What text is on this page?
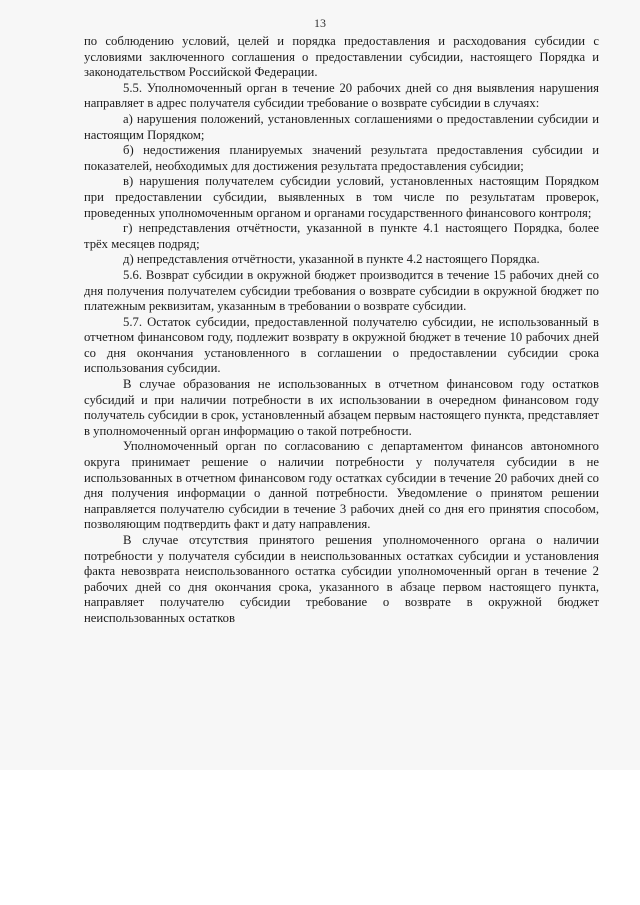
13

по соблюдению условий, целей и порядка предоставления и расходования субсидии с условиями заключенного соглашения о предоставлении субсидии, настоящего Порядка и законодательством Российской Федерации.

5.5. Уполномоченный орган в течение 20 рабочих дней со дня выявления нарушения направляет в адрес получателя субсидии требование о возврате субсидии в случаях:

а) нарушения положений, установленных соглашениями о предоставлении субсидии и настоящим Порядком;

б) недостижения планируемых значений результата предоставления субсидии и показателей, необходимых для достижения результата предоставления субсидии;

в) нарушения получателем субсидии условий, установленных настоящим Порядком при предоставлении субсидии, выявленных в том числе по результатам проверок, проведенных уполномоченным органом и органами государственного финансового контроля;

г) непредставления отчётности, указанной в пункте 4.1 настоящего Порядка, более трёх месяцев подряд;

д) непредставления отчётности, указанной в пункте 4.2 настоящего Порядка.

5.6. Возврат субсидии в окружной бюджет производится в течение 15 рабочих дней со дня получения получателем субсидии требования о возврате субсидии в окружной бюджет по платежным реквизитам, указанным в требовании о возврате субсидии.

5.7. Остаток субсидии, предоставленной получателю субсидии, не использованный в отчетном финансовом году, подлежит возврату в окружной бюджет в течение 10 рабочих дней со дня окончания установленного в соглашении о предоставлении субсидии срока использования субсидии.

В случае образования не использованных в отчетном финансовом году остатков субсидий и при наличии потребности в их использовании в очередном финансовом году получатель субсидии в срок, установленный абзацем первым настоящего пункта, представляет в уполномоченный орган информацию о такой потребности.

Уполномоченный орган по согласованию с департаментом финансов автономного округа принимает решение о наличии потребности у получателя субсидии в не использованных в отчетном финансовом году остатках субсидии в течение 20 рабочих дней со дня получения информации о данной потребности. Уведомление о принятом решении направляется получателю субсидии в течение 3 рабочих дней со дня его принятия способом, позволяющим подтвердить факт и дату направления.

В случае отсутствия принятого решения уполномоченного органа о наличии потребности у получателя субсидии в неиспользованных остатках субсидии и установления факта невозврата неиспользованного остатка субсидии уполномоченный орган в течение 2 рабочих дней со дня окончания срока, указанного в абзаце первом настоящего пункта, направляет получателю субсидии требование о возврате в окружной бюджет неиспользованных остатков
